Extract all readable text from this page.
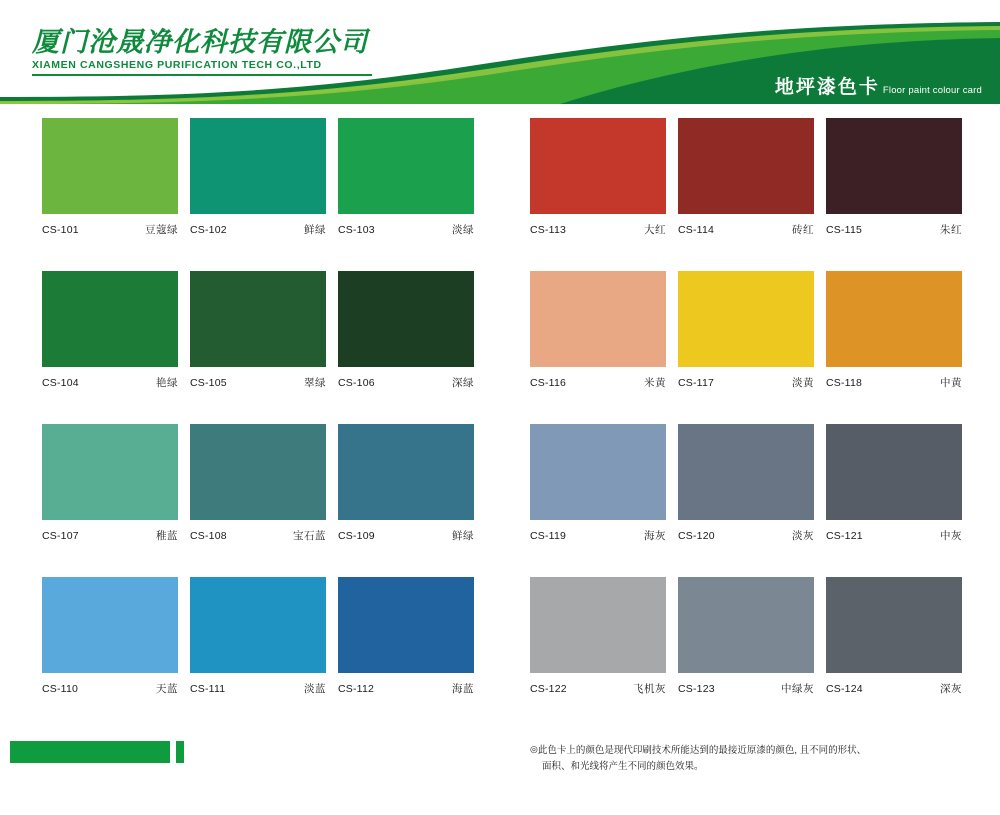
厦门沧晟净化科技有限公司
XIAMEN CANGSHENG PURIFICATION TECH CO.,LTD
地坪漆色卡 Floor paint colour card
CS-101	豆蔻绿 CS-102	鲜绿 CS-103	淡绿
CS-104	艳绿 CS-105	翠绿 CS-106	深绿
CS-107	稚蓝 CS-108	宝石蓝 CS-109	鲜绿
CS-110	天蓝 CS-111	淡蓝 CS-112	海蓝
CS-113	大红 CS-114	砖红 CS-115	朱红
CS-116	米黄 CS-117	淡黄 CS-118	中黄
CS-119	海灰 CS-120	淡灰 CS-121	中灰
CS-122	飞机灰 CS-123	中绿灰 CS-124	深灰
◎此色卡上的颜色是现代印刷技术所能达到的最接近原漆的颜色, 且不同的形状、
面积、和光线将产生不同的颜色效果。
